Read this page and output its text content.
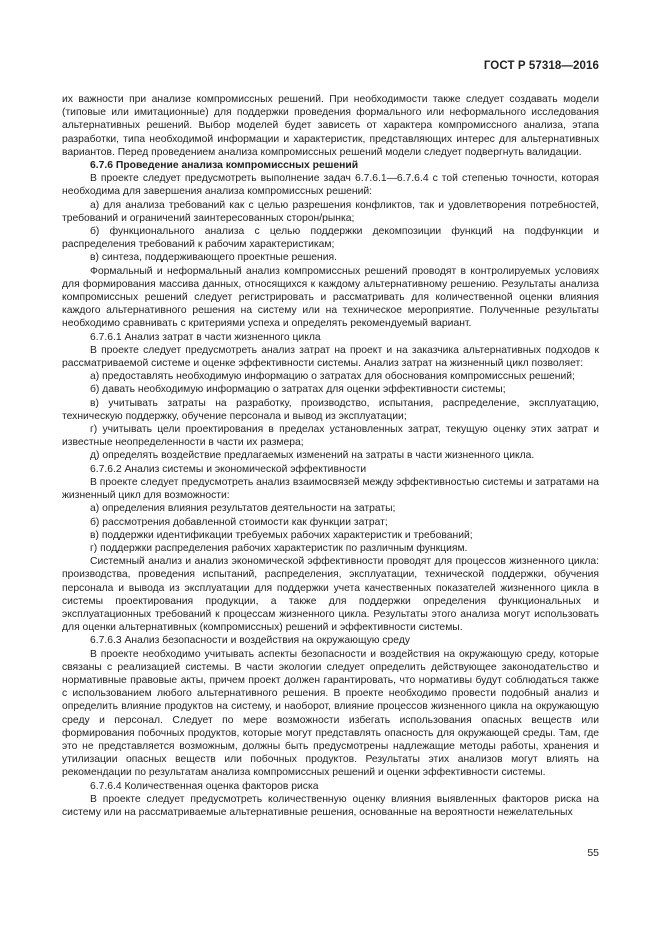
ГОСТ Р 57318—2016

их важности при анализе компромиссных решений. При необходимости также следует создавать модели (типовые или имитационные) для поддержки проведения формального или неформального исследования альтернативных решений. Выбор моделей будет зависеть от характера компромиссного анализа, этапа разработки, типа необходимой информации и характеристик, представляющих интерес для альтернативных вариантов. Перед проведением анализа компромиссных решений модели следует подвергнуть валидации.

6.7.6 Проведение анализа компромиссных решений

В проекте следует предусмотреть выполнение задач 6.7.6.1—6.7.6.4 с той степенью точности, которая необходима для завершения анализа компромиссных решений:

а) для анализа требований как с целью разрешения конфликтов, так и удовлетворения потребностей, требований и ограничений заинтересованных сторон/рынка;

б) функционального анализа с целью поддержки декомпозиции функций на подфункции и распределения требований к рабочим характеристикам;

в) синтеза, поддерживающего проектные решения.

Формальный и неформальный анализ компромиссных решений проводят в контролируемых условиях для формирования массива данных, относящихся к каждому альтернативному решению. Результаты анализа компромиссных решений следует регистрировать и рассматривать для количественной оценки влияния каждого альтернативного решения на систему или на техническое мероприятие. Полученные результаты необходимо сравнивать с критериями успеха и определять рекомендуемый вариант.

6.7.6.1 Анализ затрат в части жизненного цикла

В проекте следует предусмотреть анализ затрат на проект и на заказчика альтернативных подходов к рассматриваемой системе и оценке эффективности системы. Анализ затрат на жизненный цикл позволяет:

а) предоставлять необходимую информацию о затратах для обоснования компромиссных решений;

б) давать необходимую информацию о затратах для оценки эффективности системы;

в) учитывать затраты на разработку, производство, испытания, распределение, эксплуатацию, техническую поддержку, обучение персонала и вывод из эксплуатации;

г) учитывать цели проектирования в пределах установленных затрат, текущую оценку этих затрат и известные неопределенности в части их размера;

д) определять воздействие предлагаемых изменений на затраты в части жизненного цикла.

6.7.6.2 Анализ системы и экономической эффективности

В проекте следует предусмотреть анализ взаимосвязей между эффективностью системы и затратами на жизненный цикл для возможности:

а) определения влияния результатов деятельности на затраты;

б) рассмотрения добавленной стоимости как функции затрат;

в) поддержки идентификации требуемых рабочих характеристик и требований;

г) поддержки распределения рабочих характеристик по различным функциям.

Системный анализ и анализ экономической эффективности проводят для процессов жизненного цикла: производства, проведения испытаний, распределения, эксплуатации, технической поддержки, обучения персонала и вывода из эксплуатации для поддержки учета качественных показателей жизненного цикла в системы проектирования продукции, а также для поддержки определения функциональных и эксплуатационных требований к процессам жизненного цикла. Результаты этого анализа могут использовать для оценки альтернативных (компромиссных) решений и эффективности системы.

6.7.6.3 Анализ безопасности и воздействия на окружающую среду

В проекте необходимо учитывать аспекты безопасности и воздействия на окружающую среду, которые связаны с реализацией системы. В части экологии следует определить действующее законодательство и нормативные правовые акты, причем проект должен гарантировать, что нормативы будут соблюдаться также с использованием любого альтернативного решения. В проекте необходимо провести подобный анализ и определить влияние продуктов на систему, и наоборот, влияние процессов жизненного цикла на окружающую среду и персонал. Следует по мере возможности избегать использования опасных веществ или формирования побочных продуктов, которые могут представлять опасность для окружающей среды. Там, где это не представляется возможным, должны быть предусмотрены надлежащие методы работы, хранения и утилизации опасных веществ или побочных продуктов. Результаты этих анализов могут влиять на рекомендации по результатам анализа компромиссных решений и оценки эффективности системы.

6.7.6.4 Количественная оценка факторов риска

В проекте следует предусмотреть количественную оценку влияния выявленных факторов риска на систему или на рассматриваемые альтернативные решения, основанные на вероятности нежелательных

55
